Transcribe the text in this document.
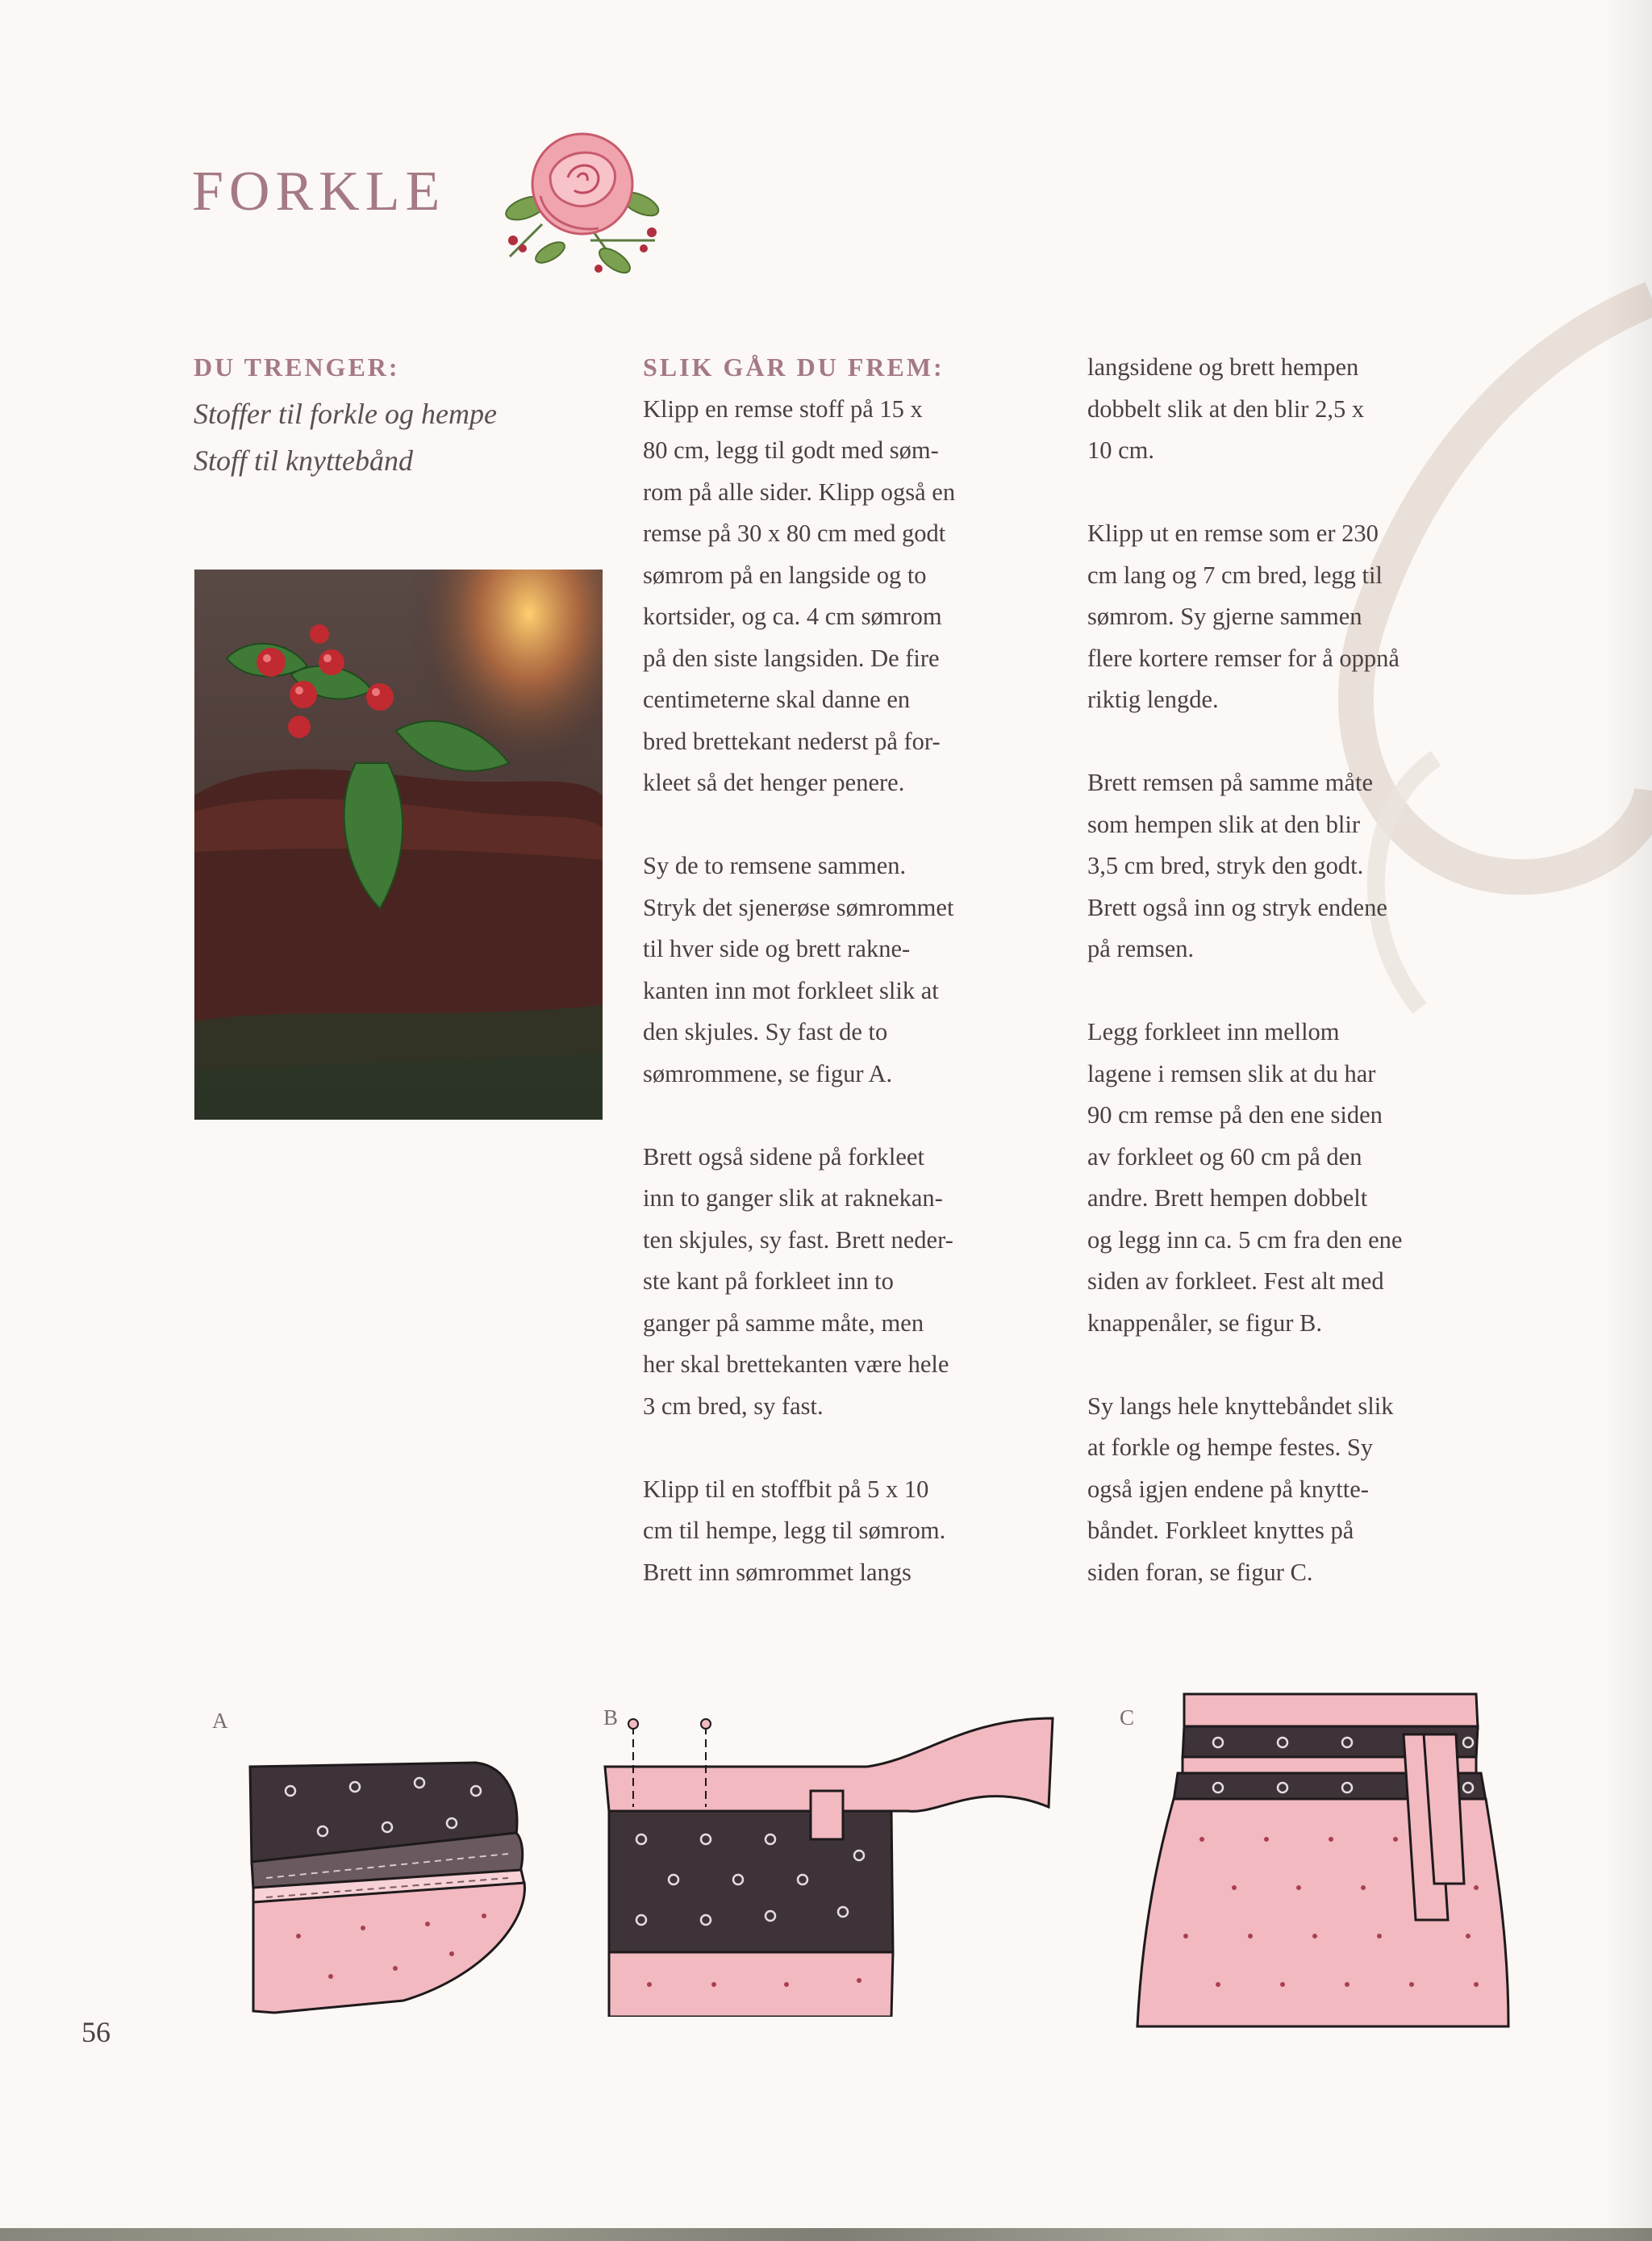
FORKLE
DU TRENGER:
Stoffer til forkle og hempe
Stoff til knyttebånd
SLIK GÅR DU FREM:

Klipp en remse stoff på 15 x
80 cm, legg til godt med søm-
rom på alle sider. Klipp også en
remse på 30 x 80 cm med godt
sømrom på en langside og to
kortsider, og ca. 4 cm sømrom
på den siste langsiden. De fire
centimeterne skal danne en
bred brettekant nederst på for-
kleet så det henger penere.

Sy de to remsene sammen.
Stryk det sjenerøse sømrommet
til hver side og brett rakne-
kanten inn mot forkleet slik at
den skjules. Sy fast de to
sømrommene, se figur A.

Brett også sidene på forkleet
inn to ganger slik at raknekan-
ten skjules, sy fast. Brett neder-
ste kant på forkleet inn to
ganger på samme måte, men
her skal brettekanten være hele
3 cm bred, sy fast.

Klipp til en stoffbit på 5 x 10
cm til hempe, legg til sømrom.
Brett inn sømrommet langs

langsidene og brett hempen
dobbelt slik at den blir 2,5 x
10 cm.

Klipp ut en remse som er 230
cm lang og 7 cm bred, legg til
sømrom. Sy gjerne sammen
flere kortere remser for å oppnå
riktig lengde.

Brett remsen på samme måte
som hempen slik at den blir
3,5 cm bred, stryk den godt.
Brett også inn og stryk endene
på remsen.

Legg forkleet inn mellom
lagene i remsen slik at du har
90 cm remse på den ene siden
av forkleet og 60 cm på den
andre. Brett hempen dobbelt
og legg inn ca. 5 cm fra den ene
siden av forkleet. Fest alt med
knappenåler, se figur B.

Sy langs hele knyttebåndet slik
at forkle og hempe festes. Sy
også igjen endene på knytte-
båndet. Forkleet knyttes på
siden foran, se figur C.

A	B	C
56
